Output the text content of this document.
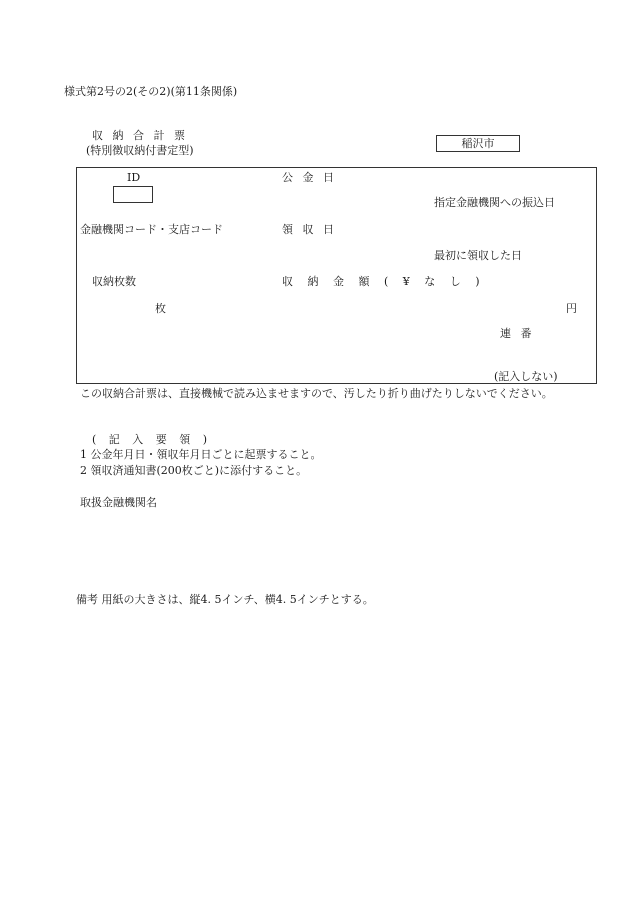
様式第2号の2(その2)(第11条関係)
収 納 合 計 票
(特別徴収納付書定型)
稲沢市
ID	公 金 日
指定金融機関への振込日
金融機関コード・支店コード	領 収 日
最初に領収した日
収納枚数	収 納 金 額 ( ¥ な し )
枚	円
連 番
(記入しない)
この収納合計票は、直接機械で読み込ませますので、汚したり折り曲げたりしないでください。
( 記 入 要 領 )
1 公金年月日・領収年月日ごとに起票すること。
2 領収済通知書(200枚ごと)に添付すること。
取扱金融機関名
備考 用紙の大きさは、縦4. 5インチ、横4. 5インチとする。
